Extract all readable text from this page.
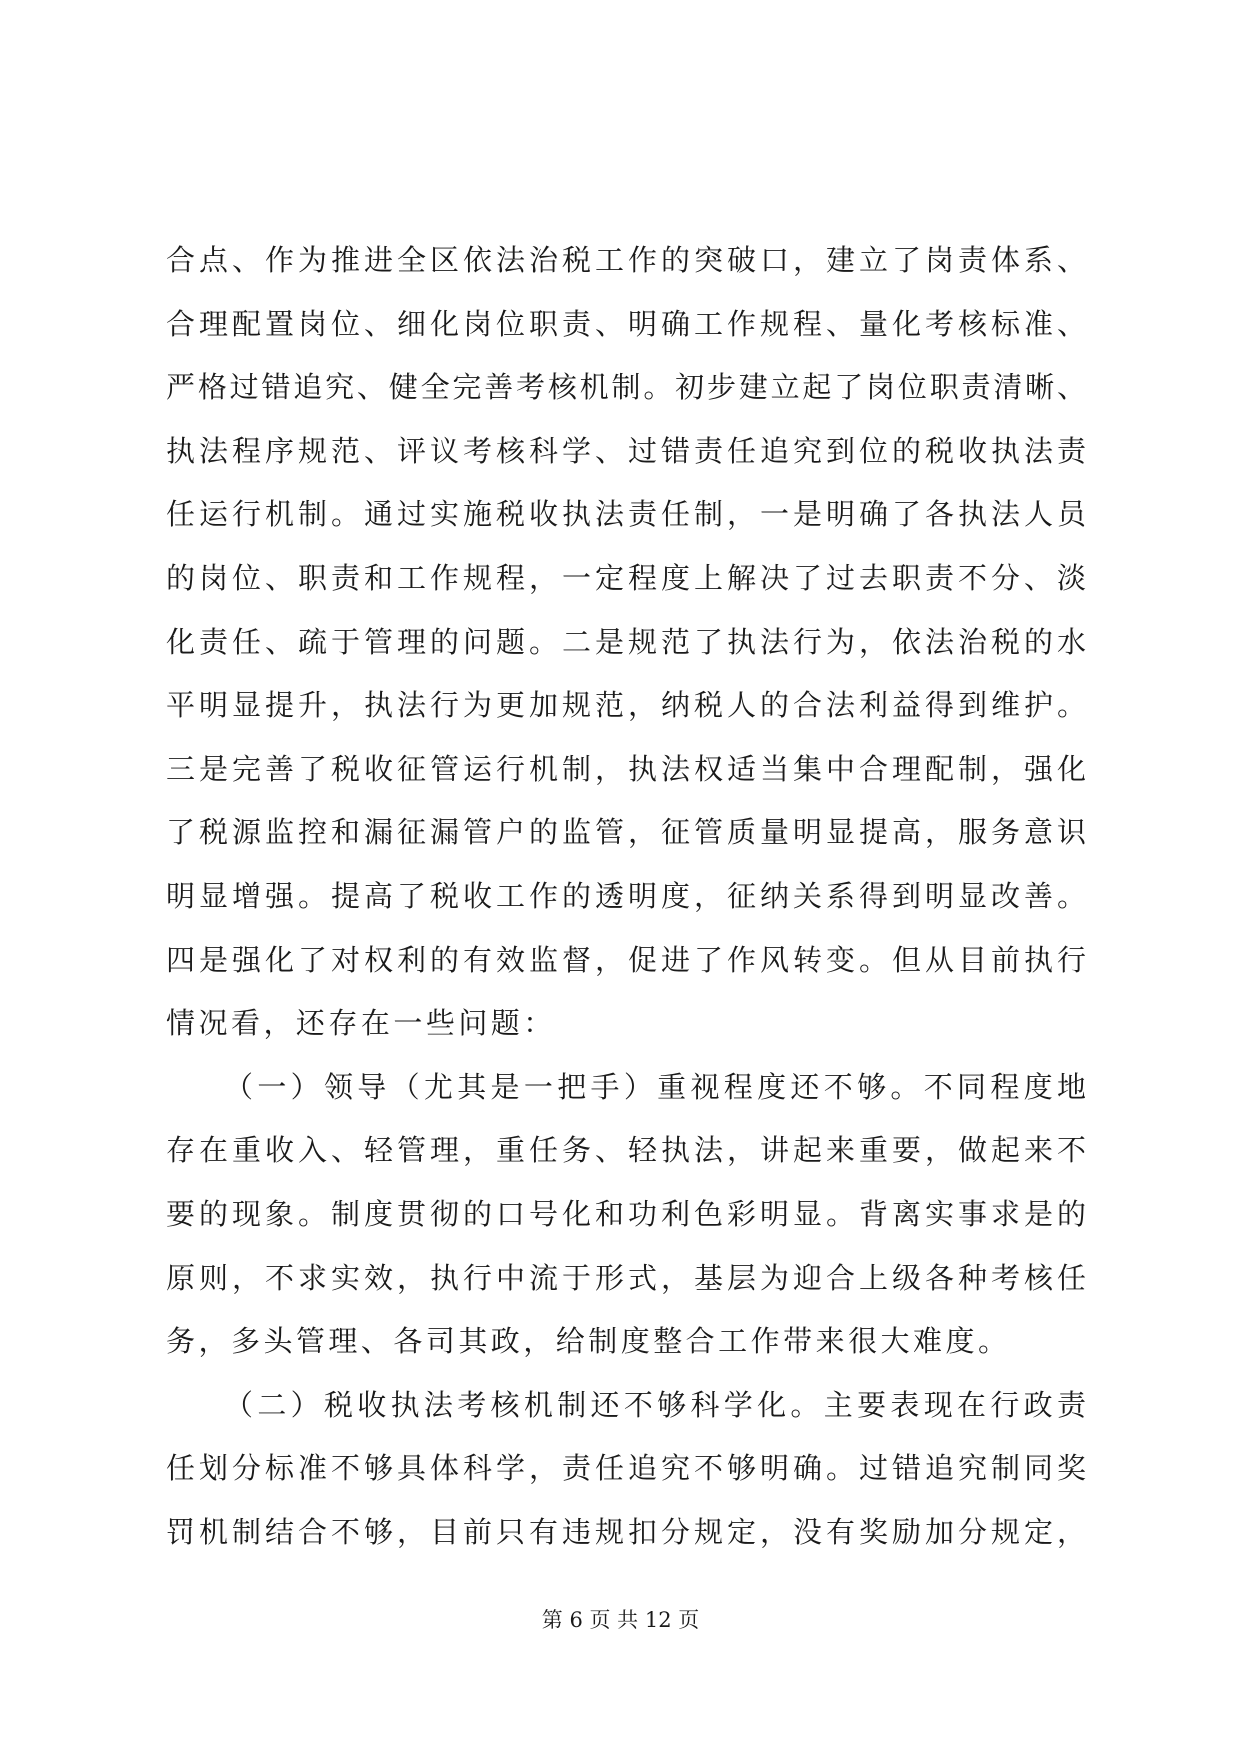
合点、作为推进全区依法治税工作的突破口，建立了岗责体系、
合理配置岗位、细化岗位职责、明确工作规程、量化考核标准、
严格过错追究、健全完善考核机制。初步建立起了岗位职责清晰、
执法程序规范、评议考核科学、过错责任追究到位的税收执法责
任运行机制。通过实施税收执法责任制，一是明确了各执法人员
的岗位、职责和工作规程，一定程度上解决了过去职责不分、淡
化责任、疏于管理的问题。二是规范了执法行为，依法治税的水
平明显提升，执法行为更加规范，纳税人的合法利益得到维护。
三是完善了税收征管运行机制，执法权适当集中合理配制，强化
了税源监控和漏征漏管户的监管，征管质量明显提高，服务意识
明显增强。提高了税收工作的透明度，征纳关系得到明显改善。
四是强化了对权利的有效监督，促进了作风转变。但从目前执行
情况看，还存在一些问题：
（一）领导（尤其是一把手）重视程度还不够。不同程度地
存在重收入、轻管理，重任务、轻执法，讲起来重要，做起来不
要的现象。制度贯彻的口号化和功利色彩明显。背离实事求是的
原则，不求实效，执行中流于形式，基层为迎合上级各种考核任
务，多头管理、各司其政，给制度整合工作带来很大难度。
（二）税收执法考核机制还不够科学化。主要表现在行政责
任划分标准不够具体科学，责任追究不够明确。过错追究制同奖
罚机制结合不够，目前只有违规扣分规定，没有奖励加分规定，
第 6 页 共 12 页
